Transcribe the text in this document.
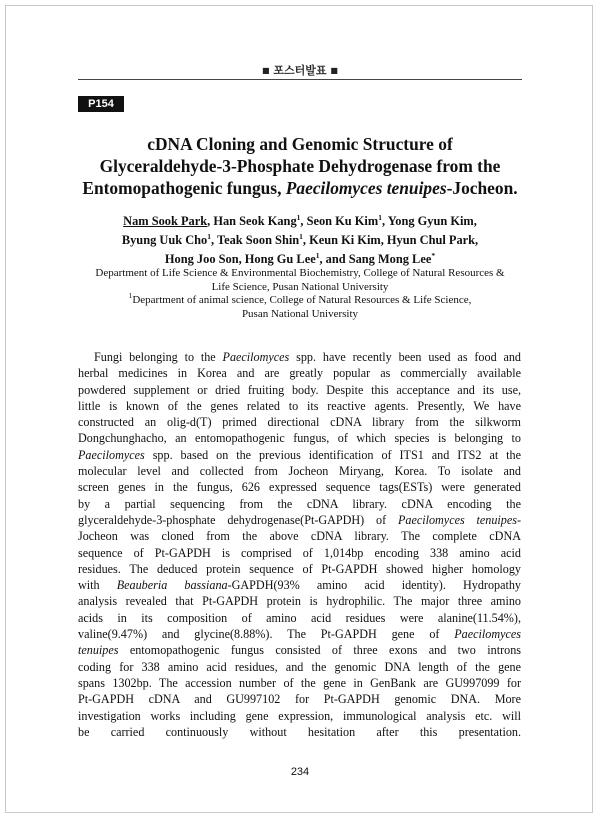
■ 포스터발표 ■
P154
cDNA Cloning and Genomic Structure of
Glyceraldehyde-3-Phosphate Dehydrogenase from the
Entomopathogenic fungus, Paecilomyces tenuipes-Jocheon.
Nam Sook Park, Han Seok Kang$^1$, Seon Ku Kim$^1$, Yong Gyun Kim,
Byung Uuk Cho$^1$, Teak Soon Shin$^1$, Keun Ki Kim, Hyun Chul Park,
Hong Joo Son, Hong Gu Lee$^1$, and Sang Mong Lee*
Department of Life Science & Environmental Biochemistry, College of Natural Resources &
Life Science, Pusan National University
$^1$Department of animal science, College of Natural Resources & Life Science,
Pusan National University
Fungi belonging to the Paecilomyces spp. have recently been used as food and
herbal medicines in Korea and are greatly popular as commercially available
powdered supplement or dried fruiting body. Despite this acceptance and its use,
little is known of the genes related to its reactive agents. Presently, We have
constructed an olig-d(T) primed directional cDNA library from the silkworm
Dongchunghacho, an entomopathogenic fungus, of which species is belonging to
Paecilomyces spp. based on the previous identification of ITS1 and ITS2 at the
molecular level and collected from Jocheon Miryang, Korea. To isolate and
screen genes in the fungus, 626 expressed sequence tags(ESTs) were generated
by a partial sequencing from the cDNA library. cDNA encoding the
glyceraldehyde-3-phosphate dehydrogenase(Pt-GAPDH) of Paecilomyces tenuipes-
Jocheon was cloned from the above cDNA library. The complete cDNA
sequence of Pt-GAPDH is comprised of 1,014bp encoding 338 amino acid
residues. The deduced protein sequence of Pt-GAPDH showed higher homology
with Beauberia bassiana-GAPDH(93% amino acid identity). Hydropathy
analysis revealed that Pt-GAPDH protein is hydrophilic. The major three amino
acids in its composition of amino acid residues were alanine(11.54%),
valine(9.47%) and glycine(8.88%). The Pt-GAPDH gene of Paecilomyces
tenuipes entomopathogenic fungus consisted of three exons and two introns
coding for 338 amino acid residues, and the genomic DNA length of the gene
spans 1302bp. The accession number of the gene in GenBank are GU997099 for
Pt-GAPDH cDNA and GU997102 for Pt-GAPDH genomic DNA. More
investigation works including gene expression, immunological analysis etc. will
be carried continuously without hesitation after this presentation.
234
